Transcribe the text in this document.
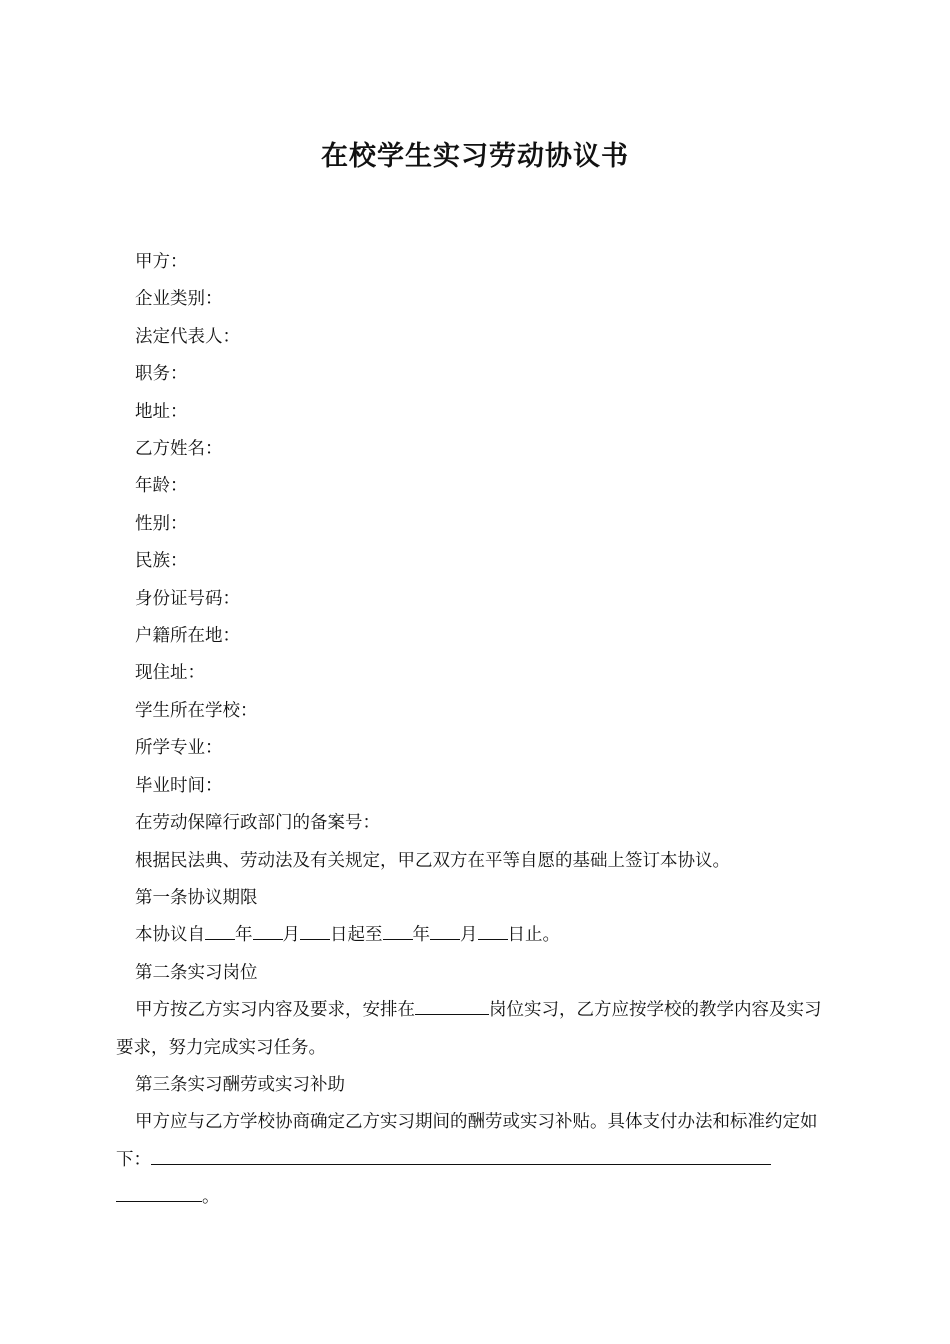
在校学生实习劳动协议书
甲方：
企业类别：
法定代表人：
职务：
地址：
乙方姓名：
年龄：
性别：
民族：
身份证号码：
户籍所在地：
现住址：
学生所在学校：
所学专业：
毕业时间：
在劳动保障行政部门的备案号：
根据民法典、劳动法及有关规定，甲乙双方在平等自愿的基础上签订本协议。
第一条协议期限
本协议自 年 月 日起至 年 月 日止。
第二条实习岗位
甲方按乙方实习内容及要求，安排在	岗位实习，乙方应按学校的教学内容及实习要求，努力完成实习任务。
第三条实习酬劳或实习补助
甲方应与乙方学校协商确定乙方实习期间的酬劳或实习补贴。具体支付办法和标准约定如下：
。
